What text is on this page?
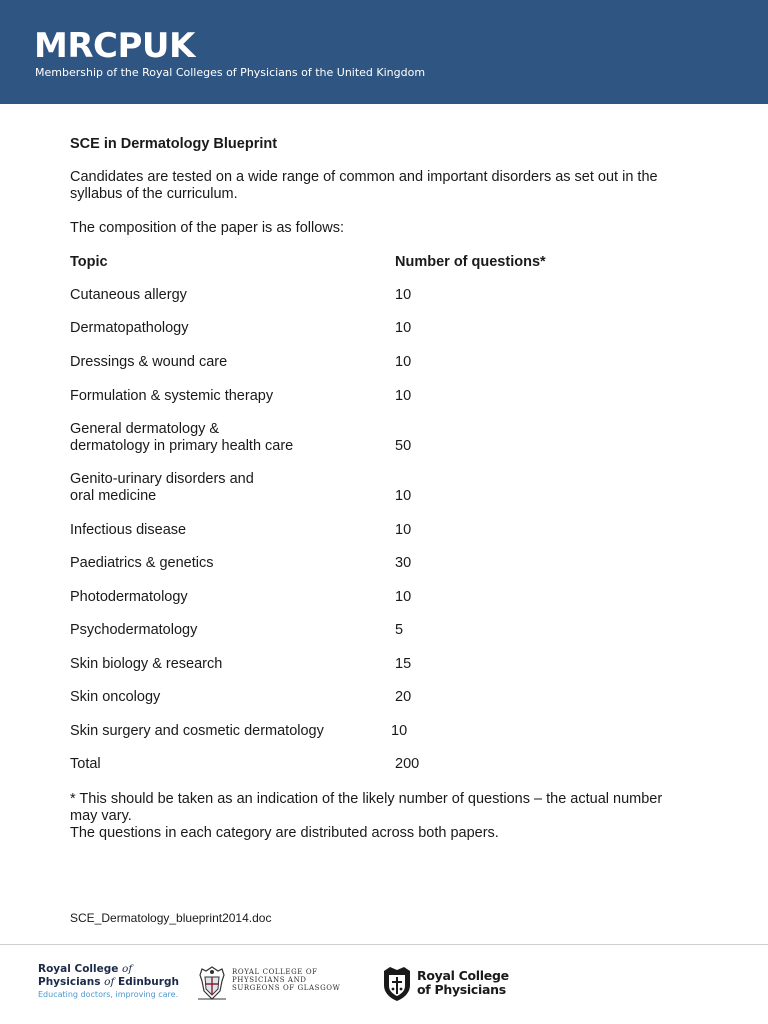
MRCPUK
Membership of the Royal Colleges of Physicians of the United Kingdom
SCE in Dermatology Blueprint
Candidates are tested on a wide range of common and important disorders as set out in the syllabus of the curriculum.
The composition of the paper is as follows:
Topic	Number of questions*
Cutaneous allergy	10
Dermatopathology	10
Dressings & wound care	10
Formulation & systemic therapy	10
General dermatology &
dermatology in primary health care	50
Genito-urinary disorders and
oral medicine	10
Infectious disease	10
Paediatrics & genetics	30
Photodermatology	10
Psychodermatology	5
Skin biology & research	15
Skin oncology	20
Skin surgery and cosmetic dermatology	10
Total	200
* This should be taken as an indication of the likely number of questions – the actual number may vary.
The questions in each category are distributed across both papers.
SCE_Dermatology_blueprint2014.doc
Royal College of
Physicians of Edinburgh
Educating doctors, improving care.
ROYAL COLLEGE OF
PHYSICIANS AND
SURGEONS OF GLASGOW
Royal College
of Physicians
